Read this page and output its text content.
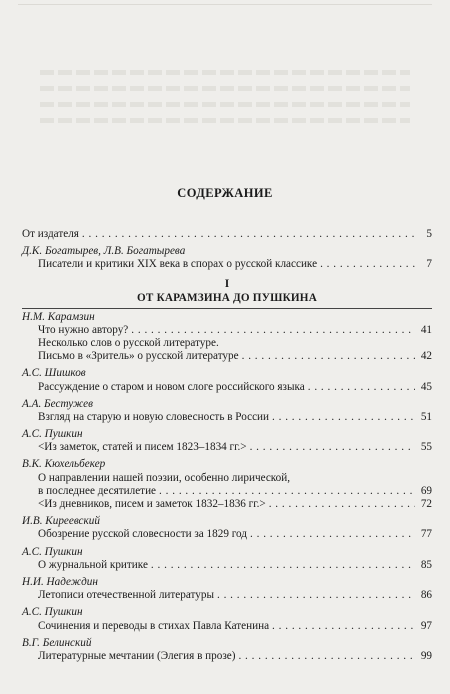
СОДЕРЖАНИЕ
От издателя . . .	5
Д.К. Богатырев, Л.В. Богатырева
Писатели и критики XIX века в спорах о русской классике . . .	7
I
ОТ КАРАМЗИНА ДО ПУШКИНА
Н.М. Карамзин
Что нужно автору? . . .	41
Несколько слов о русской литературе.
Письмо в «Зритель» о русской литературе . . .	42
А.С. Шишков
Рассуждение о старом и новом слоге российского языка . . .	45
А.А. Бестужев
Взгляд на старую и новую словесность в России . . .	51
А.С. Пушкин
<Из заметок, статей и писем 1823–1834 гг.> . . .	55
В.К. Кюхельбекер
О направлении нашей поэзии, особенно лирической,
в последнее десятилетие . . .	69
<Из дневников, писем и заметок 1832–1836 гг.> . . .	72
И.В. Киреевский
Обозрение русской словесности за 1829 год . . .	77
А.С. Пушкин
О журнальной критике . . .	85
Н.И. Надеждин
Летописи отечественной литературы . . .	86
А.С. Пушкин
Сочинения и переводы в стихах Павла Катенина . . .	97
В.Г. Белинский
Литературные мечтании (Элегия в прозе) . . .	99
